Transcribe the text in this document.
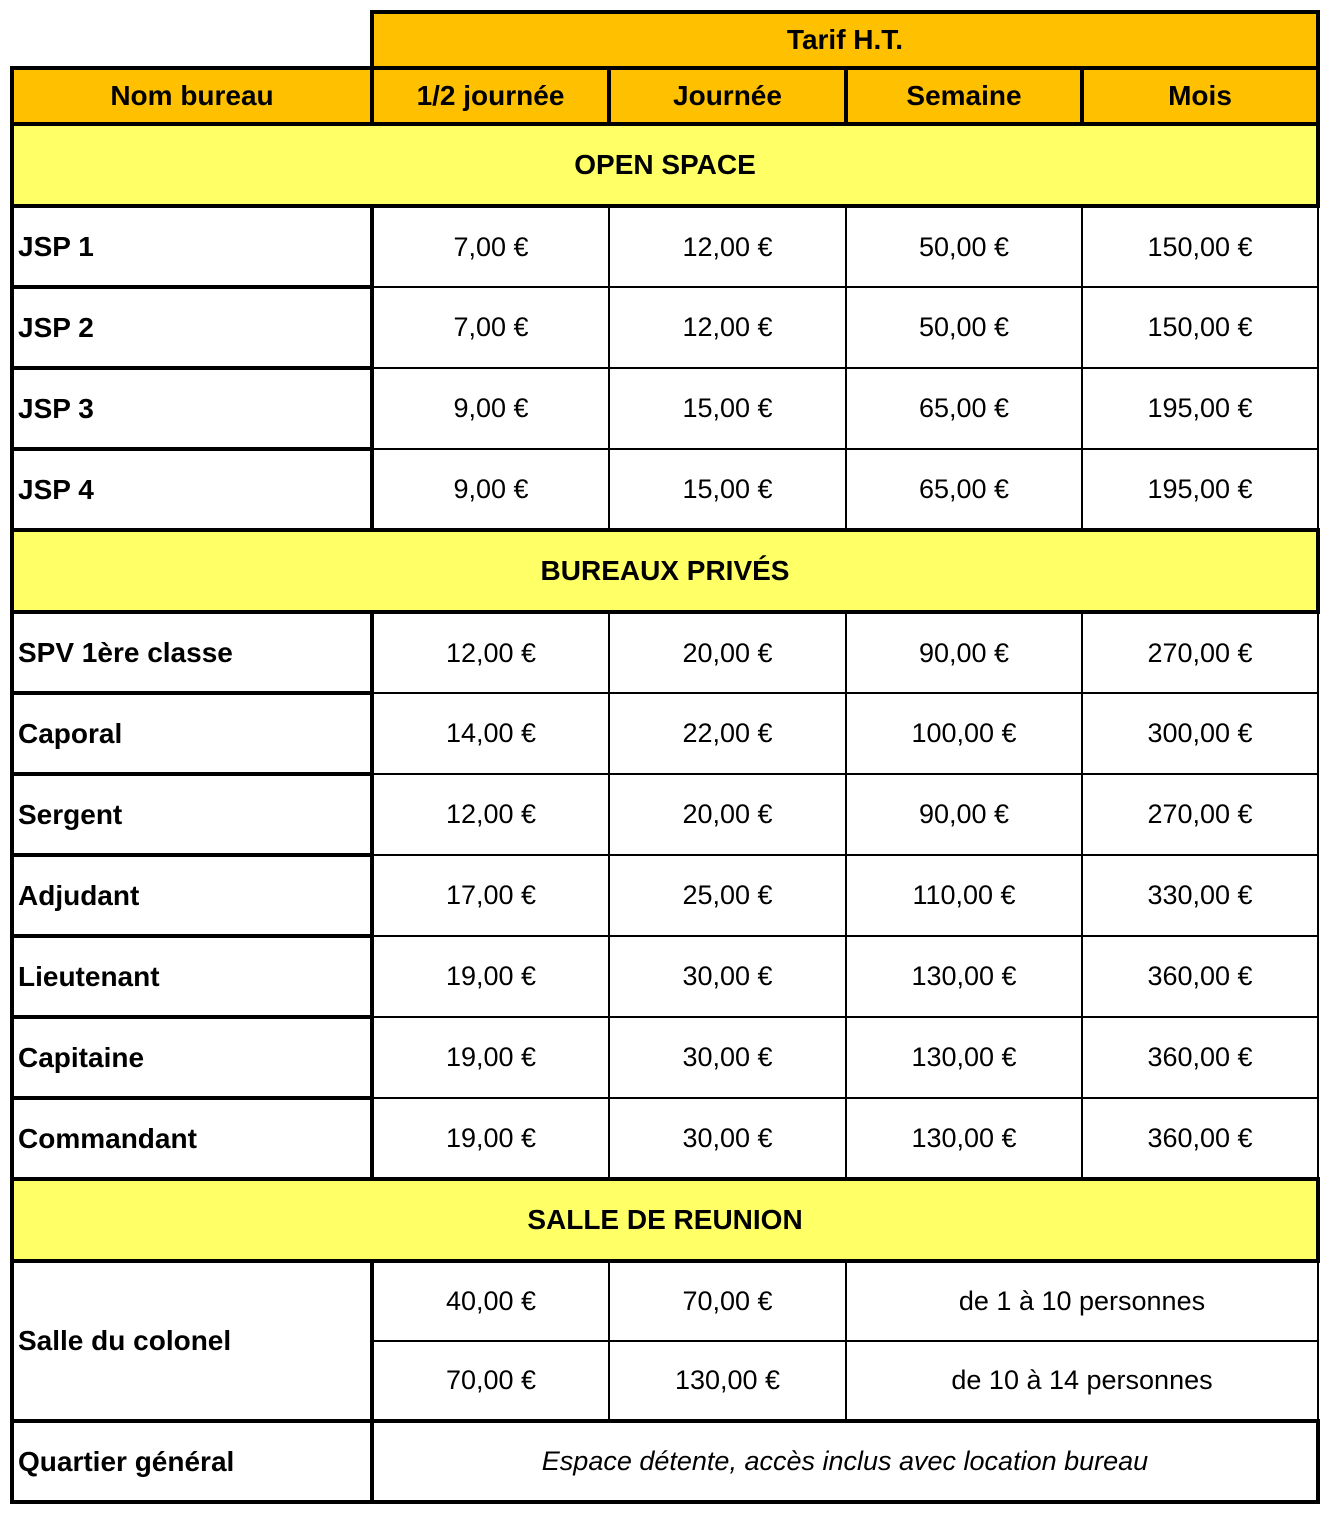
	Tarif H.T.			
Nom bureau	1/2 journée	Journée	Semaine	Mois
OPEN SPACE				
JSP 1	7,00 €	12,00 €	50,00 €	150,00 €
JSP 2	7,00 €	12,00 €	50,00 €	150,00 €
JSP 3	9,00 €	15,00 €	65,00 €	195,00 €
JSP 4	9,00 €	15,00 €	65,00 €	195,00 €
BUREAUX PRIVÉS				
SPV 1ère classe	12,00 €	20,00 €	90,00 €	270,00 €
Caporal	14,00 €	22,00 €	100,00 €	300,00 €
Sergent	12,00 €	20,00 €	90,00 €	270,00 €
Adjudant	17,00 €	25,00 €	110,00 €	330,00 €
Lieutenant	19,00 €	30,00 €	130,00 €	360,00 €
Capitaine	19,00 €	30,00 €	130,00 €	360,00 €
Commandant	19,00 €	30,00 €	130,00 €	360,00 €
SALLE DE REUNION				
Salle du colonel	40,00 €	70,00 €	de 1 à 10 personnes	
	70,00 €	130,00 €	de 10 à 14 personnes	
Quartier général	Espace détente, accès inclus avec location bureau			
